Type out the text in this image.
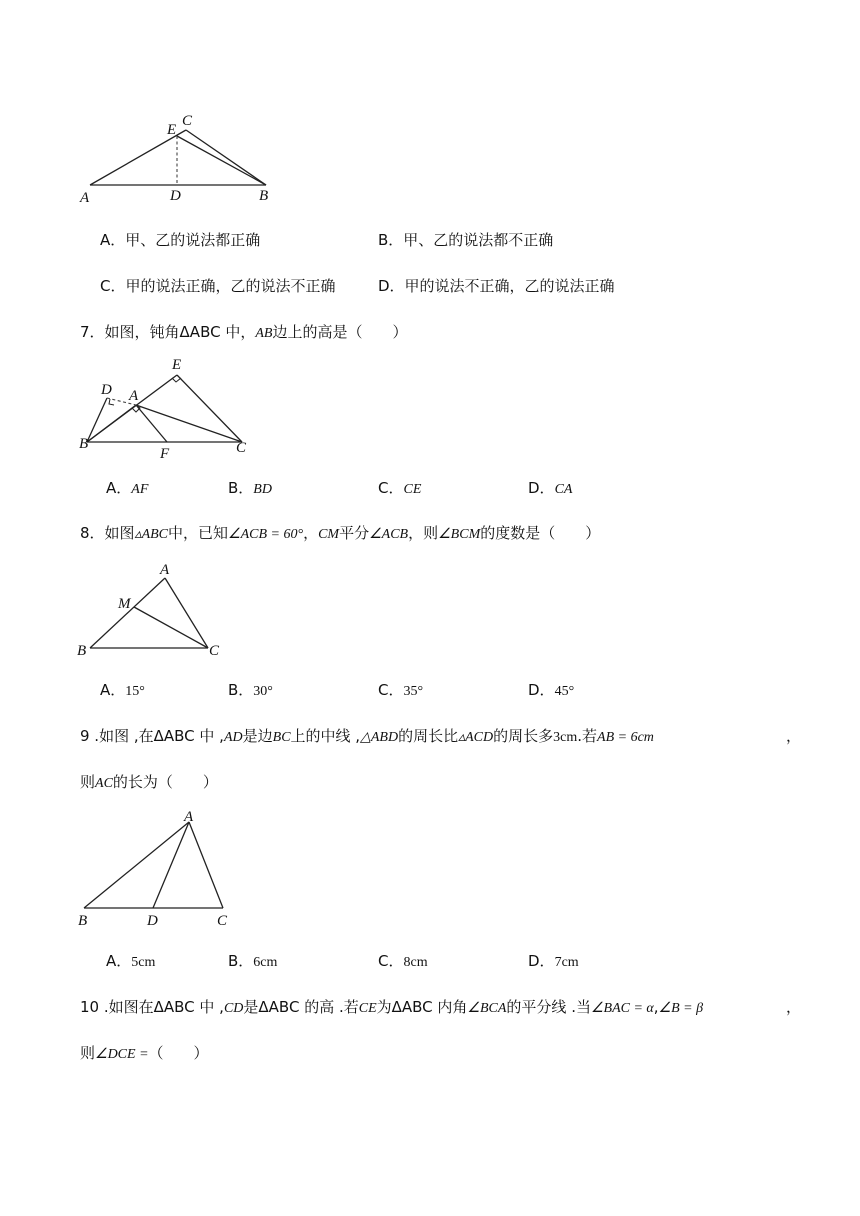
A	B
C
D
E
A．甲、乙的说法都正确	B．甲、乙的说法都不正确
C．甲的说法正确，乙的说法不正确	D．甲的说法不正确，乙的说法正确
7．如图，钝角ΔABC 中，AB边上的高是（　　）
A
B	C
D
E
F
A．AF	B．BD	C．CE	D．CA
8．如图▵ABC中，已知∠ACB = 60°，CM平分∠ACB，则∠BCM的度数是（　　）
A
B	C
M
A．15°	B．30°	C．35°	D．45°
9 .如图 ,在ΔABC 中 ,AD是边BC上的中线 ,△ABD的周长比▵ACD的周长多3cm.若AB = 6cm	，
则AC的长为（　　）
A
B	C
D
A．5cm	B．6cm	C．8cm	D．7cm
10 .如图在ΔABC 中 ,CD是ΔABC 的高 .若CE为ΔABC 内角∠BCA的平分线 .当∠BAC = α,∠B = β	，
则∠DCE =（　　）
